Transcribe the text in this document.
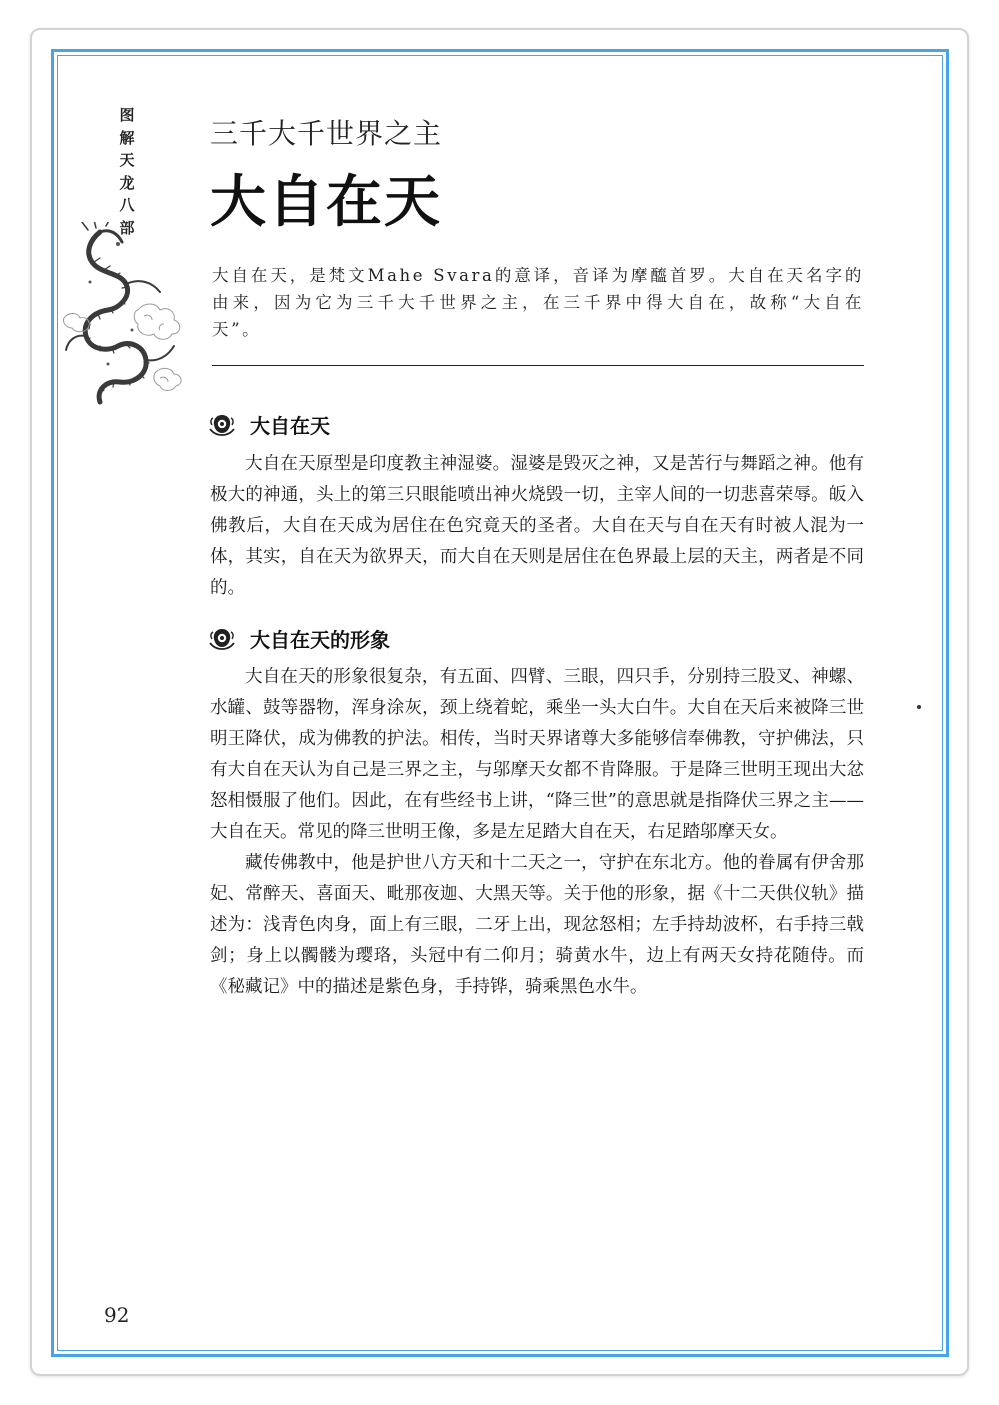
图
解
天
龙
八
部
三千大千世界之主
大自在天
大自在天，是梵文Mahe Svara的意译，音译为摩醯首罗。大自在天名字的由来，因为它为三千大千世界之主，在三千界中得大自在，故称“大自在天”。
大自在天

大自在天原型是印度教主神湿婆。湿婆是毁灭之神，又是苦行与舞蹈之神。他有极大的神通，头上的第三只眼能喷出神火烧毁一切，主宰人间的一切悲喜荣辱。皈入佛教后，大自在天成为居住在色究竟天的圣者。大自在天与自在天有时被人混为一体，其实，自在天为欲界天，而大自在天则是居住在色界最上层的天主，两者是不同的。

大自在天的形象

大自在天的形象很复杂，有五面、四臂、三眼，四只手，分别持三股叉、神螺、水罐、鼓等器物，浑身涂灰，颈上绕着蛇，乘坐一头大白牛。大自在天后来被降三世明王降伏，成为佛教的护法。相传，当时天界诸尊大多能够信奉佛教，守护佛法，只有大自在天认为自己是三界之主，与邬摩天女都不肯降服。于是降三世明王现出大忿怒相慑服了他们。因此，在有些经书上讲，“降三世”的意思就是指降伏三界之主——大自在天。常见的降三世明王像，多是左足踏大自在天，右足踏邬摩天女。

藏传佛教中，他是护世八方天和十二天之一，守护在东北方。他的眷属有伊舍那妃、常醉天、喜面天、毗那夜迦、大黑天等。关于他的形象，据《十二天供仪轨》描述为：浅青色肉身，面上有三眼，二牙上出，现忿怒相；左手持劫波杯，右手持三戟剑；身上以髑髅为璎珞，头冠中有二仰月；骑黄水牛，边上有两天女持花随侍。而《秘藏记》中的描述是紫色身，手持铧，骑乘黑色水牛。

92
